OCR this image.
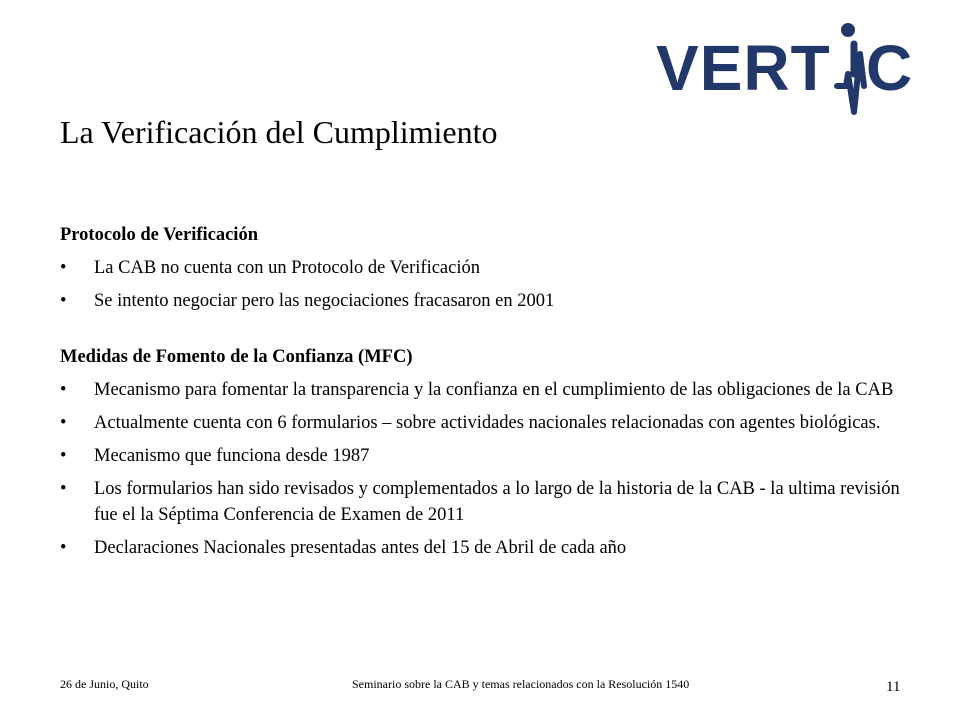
VERT C
La Verificación del Cumplimiento

Protocolo de Verificación

• La CAB no cuenta con un Protocolo de Verificación
• Se intento negociar pero las negociaciones fracasaron en 2001

Medidas de Fomento de la Confianza (MFC)

• Mecanismo para fomentar la transparencia y la confianza en el cumplimiento de las obligaciones de la CAB
• Actualmente cuenta con 6 formularios – sobre actividades nacionales relacionadas con agentes biológicas.
• Mecanismo que funciona desde 1987
• Los formularios han sido revisados y complementados a lo largo de la historia de la CAB - la ultima revisión fue el la Séptima Conferencia de Examen de 2011
• Declaraciones Nacionales presentadas antes del 15 de Abril de cada año
26 de Junio, Quito	Seminario sobre la CAB y temas relacionados con la Resolución 1540	11
